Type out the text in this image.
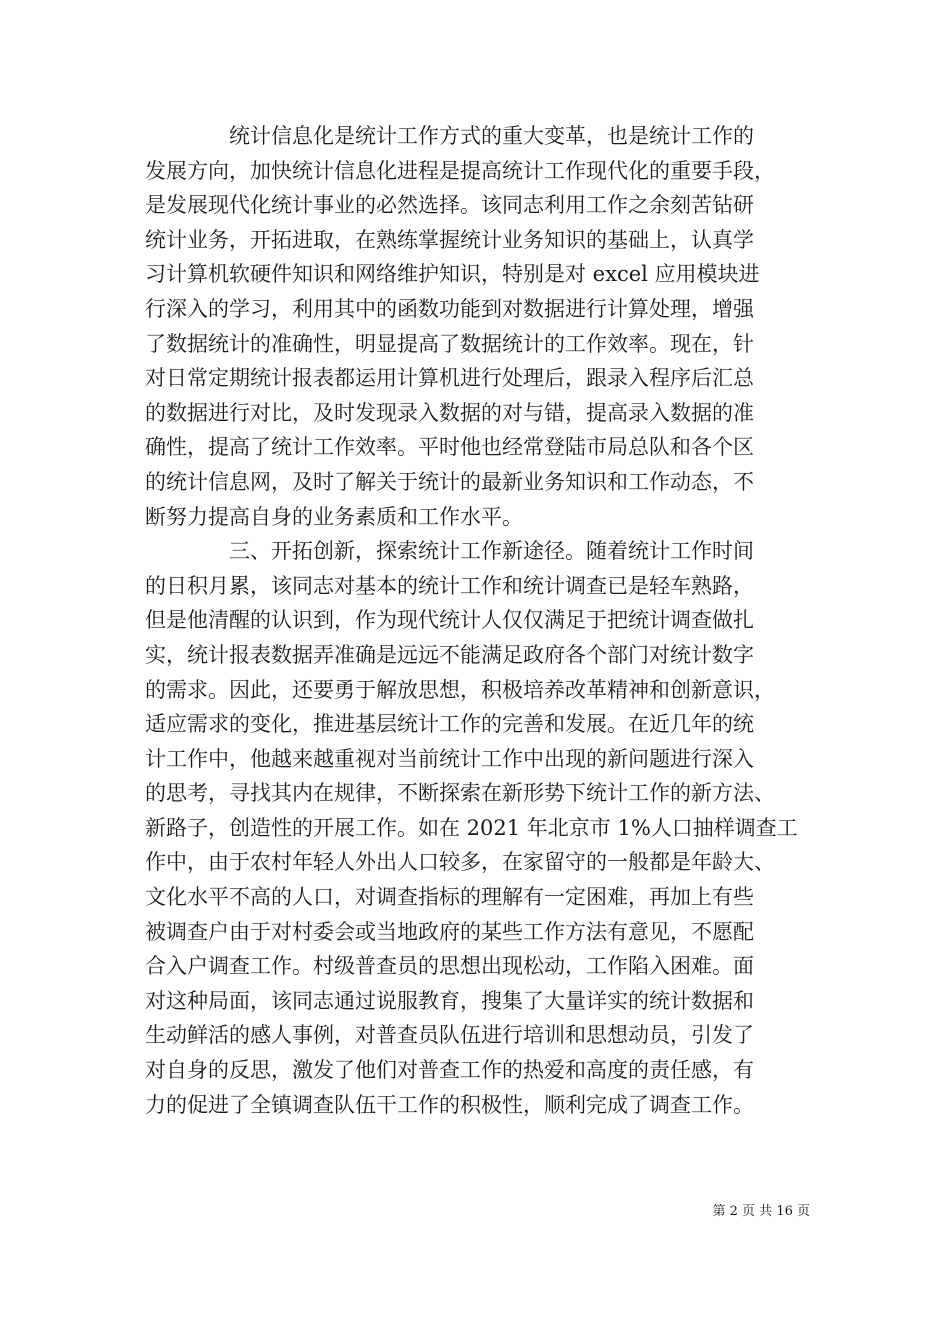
　　　　统计信息化是统计工作方式的重大变革，也是统计工作的
发展方向，加快统计信息化进程是提高统计工作现代化的重要手段，
是发展现代化统计事业的必然选择。该同志利用工作之余刻苦钻研
统计业务，开拓进取，在熟练掌握统计业务知识的基础上，认真学
习计算机软硬件知识和网络维护知识，特别是对 excel 应用模块进
行深入的学习，利用其中的函数功能到对数据进行计算处理，增强
了数据统计的准确性，明显提高了数据统计的工作效率。现在，针
对日常定期统计报表都运用计算机进行处理后，跟录入程序后汇总
的数据进行对比，及时发现录入数据的对与错，提高录入数据的准
确性，提高了统计工作效率。平时他也经常登陆市局总队和各个区
的统计信息网，及时了解关于统计的最新业务知识和工作动态，不
断努力提高自身的业务素质和工作水平。
　　　　三、开拓创新，探索统计工作新途径。随着统计工作时间
的日积月累，该同志对基本的统计工作和统计调查已是轻车熟路，
但是他清醒的认识到，作为现代统计人仅仅满足于把统计调查做扎
实，统计报表数据弄准确是远远不能满足政府各个部门对统计数字
的需求。因此，还要勇于解放思想，积极培养改革精神和创新意识，
适应需求的变化，推进基层统计工作的完善和发展。在近几年的统
计工作中，他越来越重视对当前统计工作中出现的新问题进行深入
的思考，寻找其内在规律，不断探索在新形势下统计工作的新方法、
新路子，创造性的开展工作。如在 2021 年北京市 1%人口抽样调查工
作中，由于农村年轻人外出人口较多，在家留守的一般都是年龄大、
文化水平不高的人口，对调查指标的理解有一定困难，再加上有些
被调查户由于对村委会或当地政府的某些工作方法有意见，不愿配
合入户调查工作。村级普查员的思想出现松动，工作陷入困难。面
对这种局面，该同志通过说服教育，搜集了大量详实的统计数据和
生动鲜活的感人事例，对普查员队伍进行培训和思想动员，引发了
对自身的反思，激发了他们对普查工作的热爱和高度的责任感，有
力的促进了全镇调查队伍干工作的积极性，顺利完成了调查工作。
第 2 页 共 16 页
